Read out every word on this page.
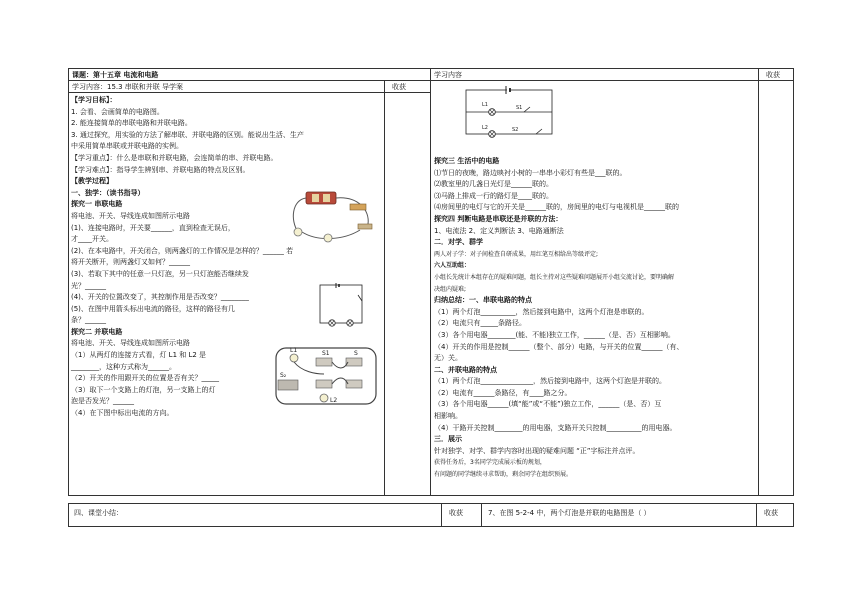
课题：第十五章 电流和电路	学习内容	收获
学习内容：15.3 串联和并联 导学案	收获
【学习目标】：
1. 会看、会画简单的电路图。
2. 能连接简单的串联电路和并联电路。
3. 通过探究，用实验的方法了解串联、并联电路的区别。能说出生活、生产
中采用简单串联或并联电路的实例。
【学习重点】：什么是串联和并联电路，会连简单的串、并联电路。
【学习难点】：指导学生辨别串、并联电路的特点及区别。
【教学过程】
一、独学：（读书指导）
探究一 串联电路
将电池、开关、导线连成如图所示电路
(1)、连接电路时，开关要______，直到检查无误后，
才____开关。
(2)、在本电路中，开关闭合，则两盏灯的工作情况是怎样的？______ 若
将开关断开，则两盏灯又如何？______
(3)、若取下其中的任意一只灯泡，另一只灯泡能否继续发
光？______
(4)、开关的位置改变了，其控制作用是否改变？________
(5)、在图中用箭头标出电流的路径，这样的路径有几
条？______
探究二 并联电路
将电池、开关、导线连成如图所示电路
（1）从两灯的连接方式看，灯 L1 和 L2 是
________，这种方式称为______。
（2）开关的作用跟开关的位置是否有关？_____
（3）取下一个支路上的灯泡，另一支路上的灯
泡是否发光？______
（4）在下图中标出电流的方向。
L1	S1	S
S₂
L2
S1
S2
L1
L2
探究三 生活中的电路
⑴节日的夜晚，路边映衬小树的一串串小彩灯有些是___联的。
⑵教室里的几盏日光灯是______联的。
⑶马路上排成一行的路灯是____联的。
⑷房间里的电灯与它的开关是______联的，房间里的电灯与电视机是______联的
探究四 判断电路是串联还是并联的方法：
1、电流法 2、定义判断法 3、电路通断法
二．对学、群学
两人对子学：对子间检查自研成果，用红笔互相给出等级评定;
六人互助组：
小组长先统计本组存在的疑难问题，组长主持对这些疑难问题展开小组交流讨论，要明确解
决组内疑难;
归纳总结：一、串联电路的特点
（1）两个灯泡__________，然后接到电路中，这两个灯泡是串联的。
（2）电流只有_____条路径。
（3）各个用电器________(能、不能)独立工作，______（是、否）互相影响。
（4）开关的作用是控制______（整个、部分）电路，与开关的位置______（有、
无）关。
二、并联电路的特点
（1）两个灯泡_______________，然后接到电路中，这两个灯泡是并联的。
（2）电流有______条路径，有____路之分。
（3）各个用电器______(填“能”或“不能”)独立工作，______（是、否）互
相影响。
（4）干路开关控制________的用电器，支路开关只控制__________的用电器。
三．展示
针对独学、对学、群学内容时出现的疑难问题 “正”字标注并点评。
获得任务后，3名同学完成展示板的规划，
有问题的同学继续寻求帮助，剩余同学在组织预展。
四、课堂小结：	收获	7、在图 5-2-4 中，两个灯泡是并联的电路图是（ ）	收获
